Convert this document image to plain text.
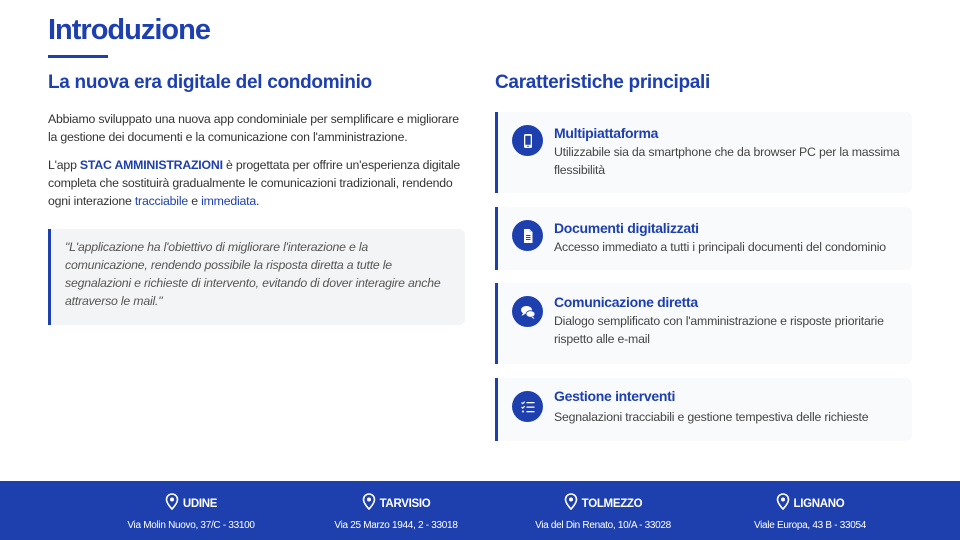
Introduzione
La nuova era digitale del condominio

Abbiamo sviluppato una nuova app condominiale per semplificare e migliorare la gestione dei documenti e la comunicazione con l'amministrazione.

L'app STAC AMMINISTRAZIONI è progettata per offrire un'esperienza digitale completa che sostituirà gradualmente le comunicazioni tradizionali, rendendo ogni interazione tracciabile e immediata.

"L'applicazione ha l'obiettivo di migliorare l'interazione e la comunicazione, rendendo possibile la risposta diretta a tutte le segnalazioni e richieste di intervento, evitando di dover interagire anche attraverso le mail."
Caratteristiche principali
Multipiattaforma
Utilizzabile sia da smartphone che da browser PC per la massima flessibilità
Documenti digitalizzati
Accesso immediato a tutti i principali documenti del condominio
Comunicazione diretta
Dialogo semplificato con l'amministrazione e risposte prioritarie rispetto alle e-mail
Gestione interventi
Segnalazioni tracciabili e gestione tempestiva delle richieste
UDINE
Via Molin Nuovo, 37/C - 33100
TARVISIO
Via 25 Marzo 1944, 2 - 33018
TOLMEZZO
Via del Din Renato, 10/A - 33028
LIGNANO
Viale Europa, 43 B - 33054
